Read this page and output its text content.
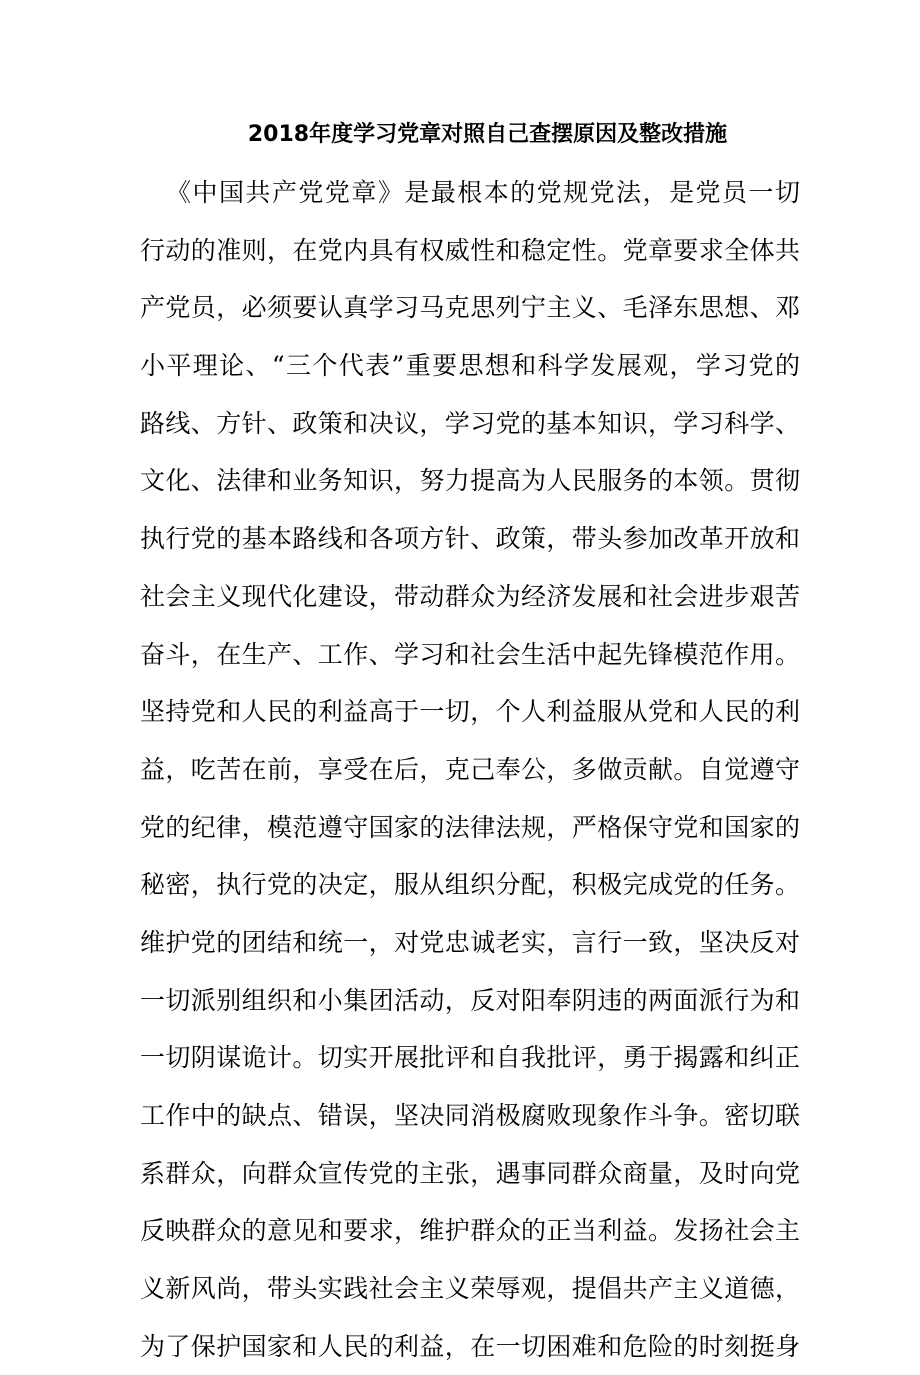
2018年度学习党章对照自己查摆原因及整改措施
《中国共产党党章》是最根本的党规党法，是党员一切
行动的准则，在党内具有权威性和稳定性。党章要求全体共
产党员，必须要认真学习马克思列宁主义、毛泽东思想、邓
小平理论、“三个代表”重要思想和科学发展观，学习党的
路线、方针、政策和决议，学习党的基本知识，学习科学、
文化、法律和业务知识，努力提高为人民服务的本领。贯彻
执行党的基本路线和各项方针、政策，带头参加改革开放和
社会主义现代化建设，带动群众为经济发展和社会进步艰苦
奋斗，在生产、工作、学习和社会生活中起先锋模范作用。
坚持党和人民的利益高于一切，个人利益服从党和人民的利
益，吃苦在前，享受在后，克己奉公，多做贡献。自觉遵守
党的纪律，模范遵守国家的法律法规，严格保守党和国家的
秘密，执行党的决定，服从组织分配，积极完成党的任务。
维护党的团结和统一，对党忠诚老实，言行一致，坚决反对
一切派别组织和小集团活动，反对阳奉阴违的两面派行为和
一切阴谋诡计。切实开展批评和自我批评，勇于揭露和纠正
工作中的缺点、错误，坚决同消极腐败现象作斗争。密切联
系群众，向群众宣传党的主张，遇事同群众商量，及时向党
反映群众的意见和要求，维护群众的正当利益。发扬社会主
义新风尚，带头实践社会主义荣辱观，提倡共产主义道德，
为了保护国家和人民的利益，在一切困难和危险的时刻挺身
